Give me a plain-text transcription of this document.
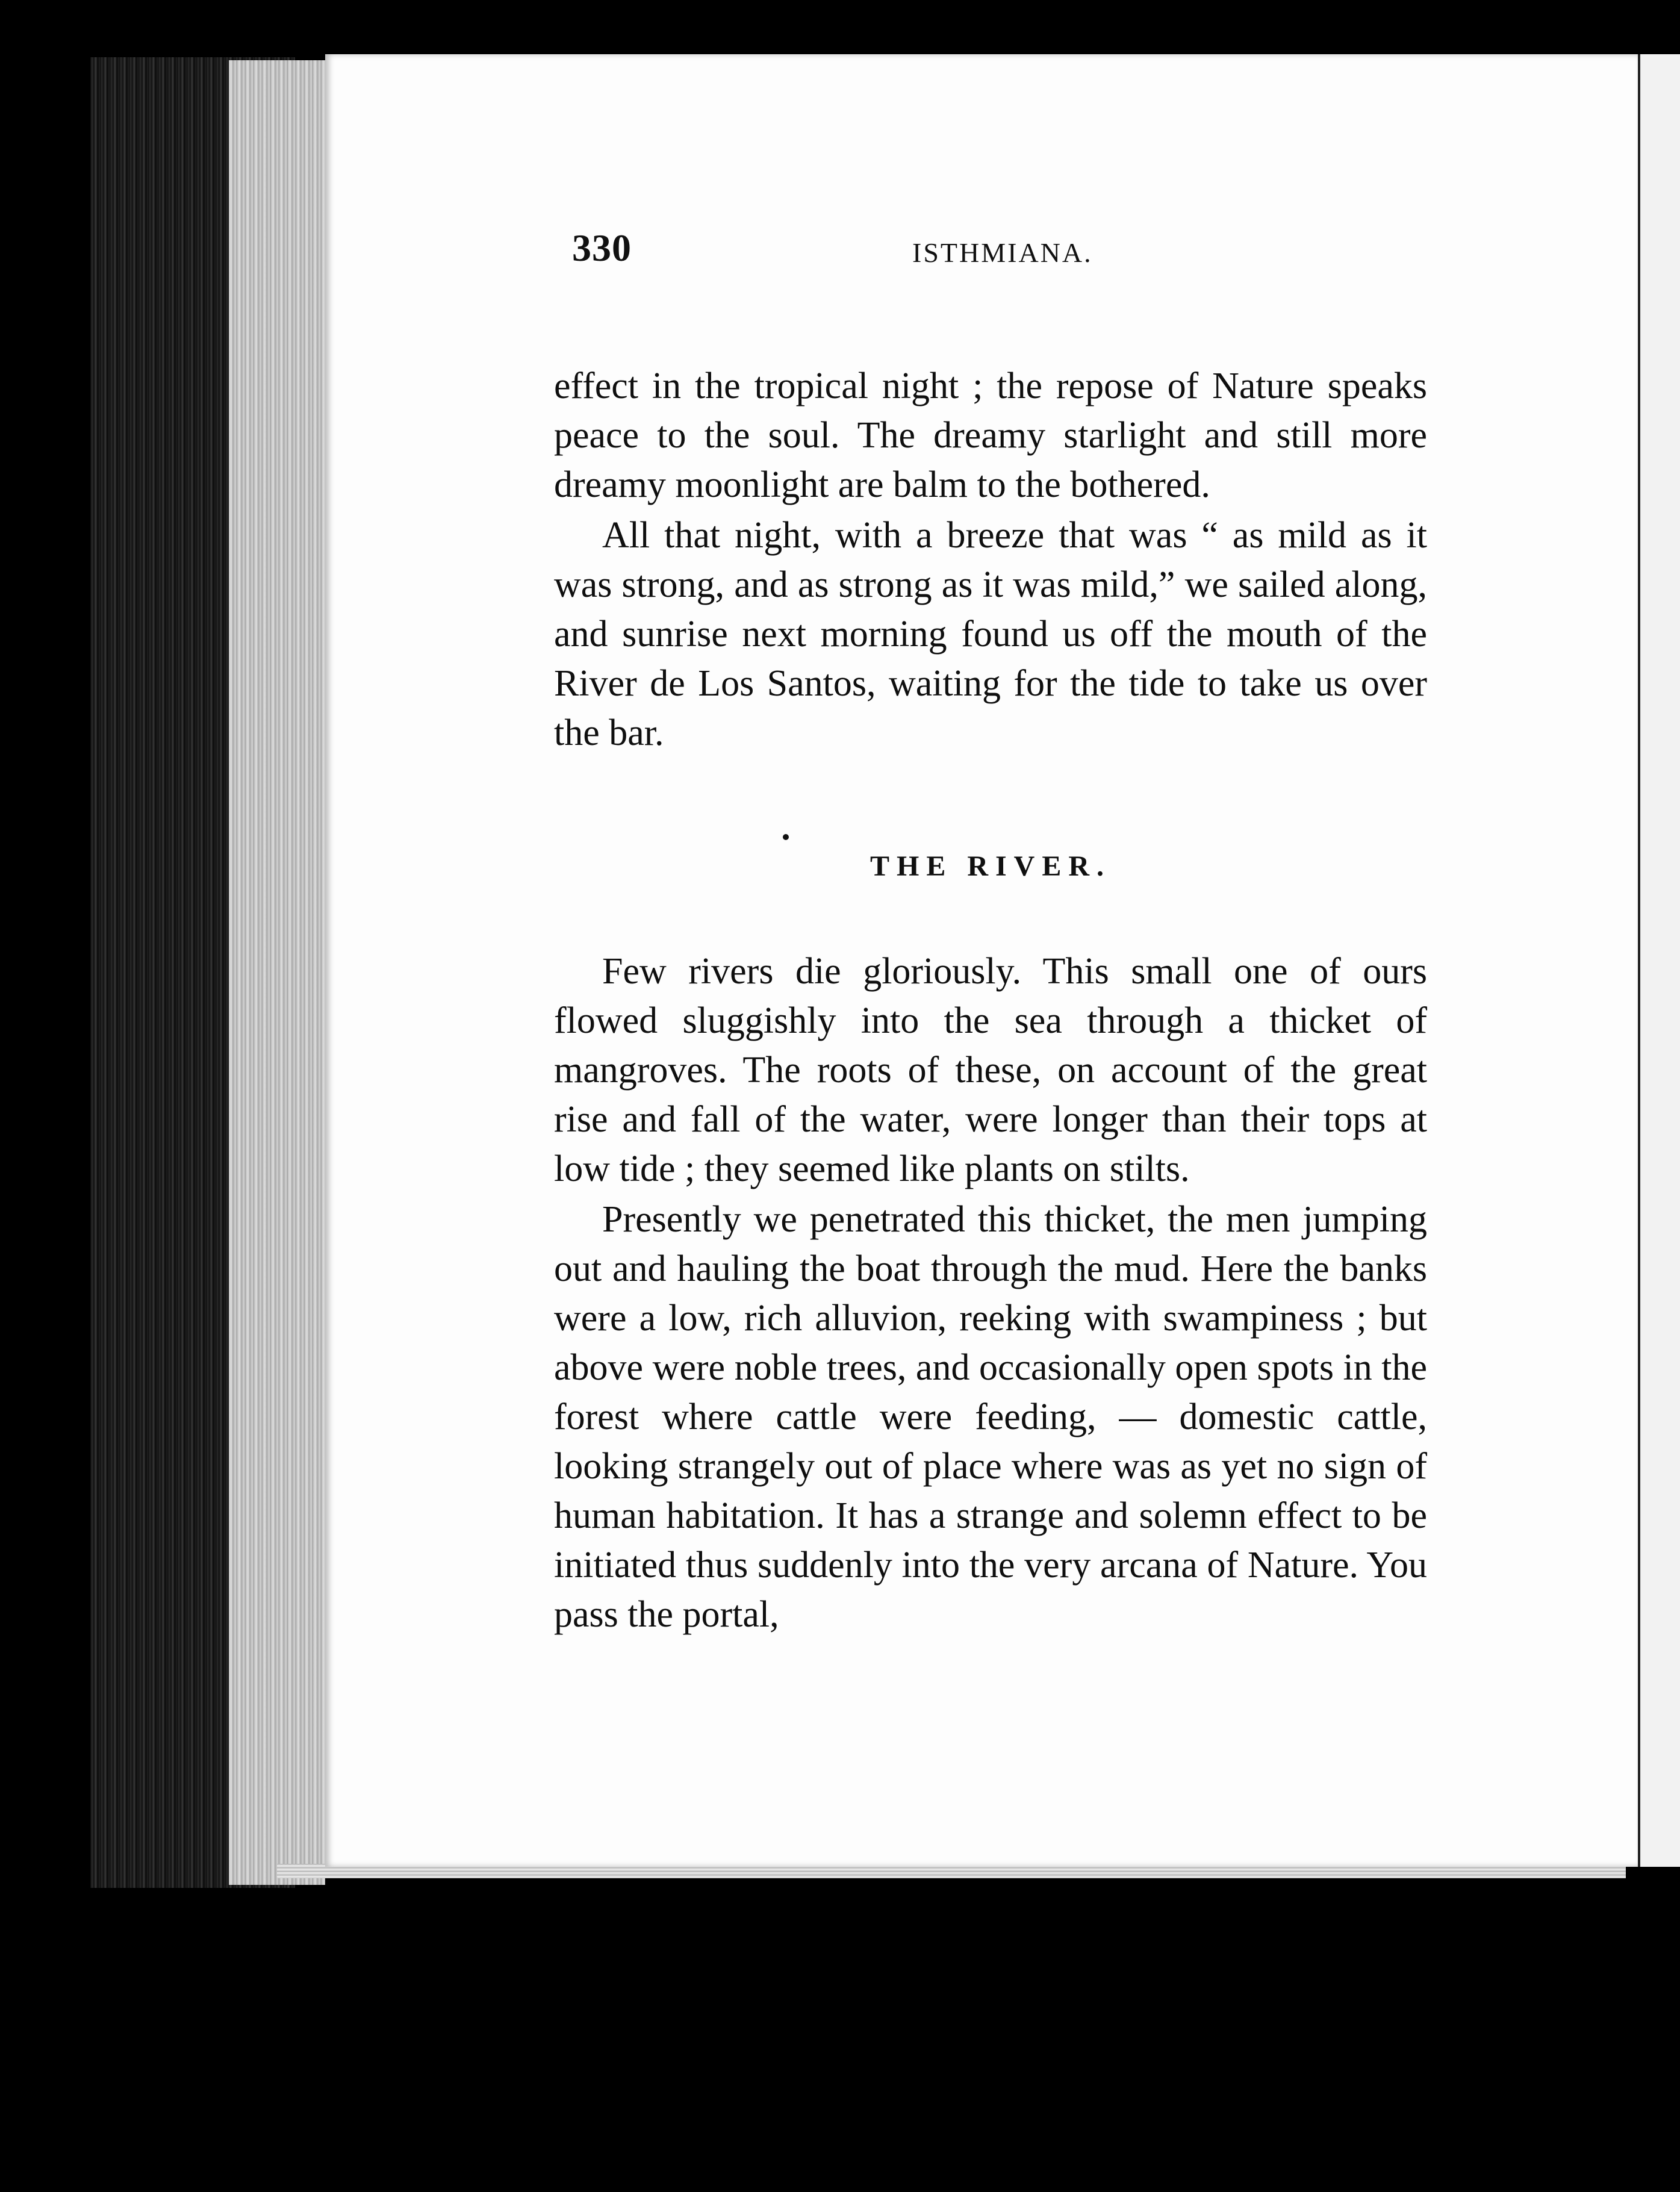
330	ISTHMIANA.

effect in the tropical night ; the repose of Nature speaks peace to the soul. The dreamy starlight and still more dreamy moonlight are balm to the bothered.

All that night, with a breeze that was “ as mild as it was strong, and as strong as it was mild,” we sailed along, and sunrise next morning found us off the mouth of the River de Los Santos, waiting for the tide to take us over the bar.

THE RIVER.

Few rivers die gloriously. This small one of ours flowed sluggishly into the sea through a thicket of mangroves. The roots of these, on account of the great rise and fall of the water, were longer than their tops at low tide ; they seemed like plants on stilts.

Presently we penetrated this thicket, the men jumping out and hauling the boat through the mud. Here the banks were a low, rich alluvion, reeking with swampiness ; but above were noble trees, and occasionally open spots in the forest where cattle were feeding, — domestic cattle, looking strangely out of place where was as yet no sign of human habitation. It has a strange and solemn effect to be initiated thus suddenly into the very arcana of Nature. You pass the portal,
